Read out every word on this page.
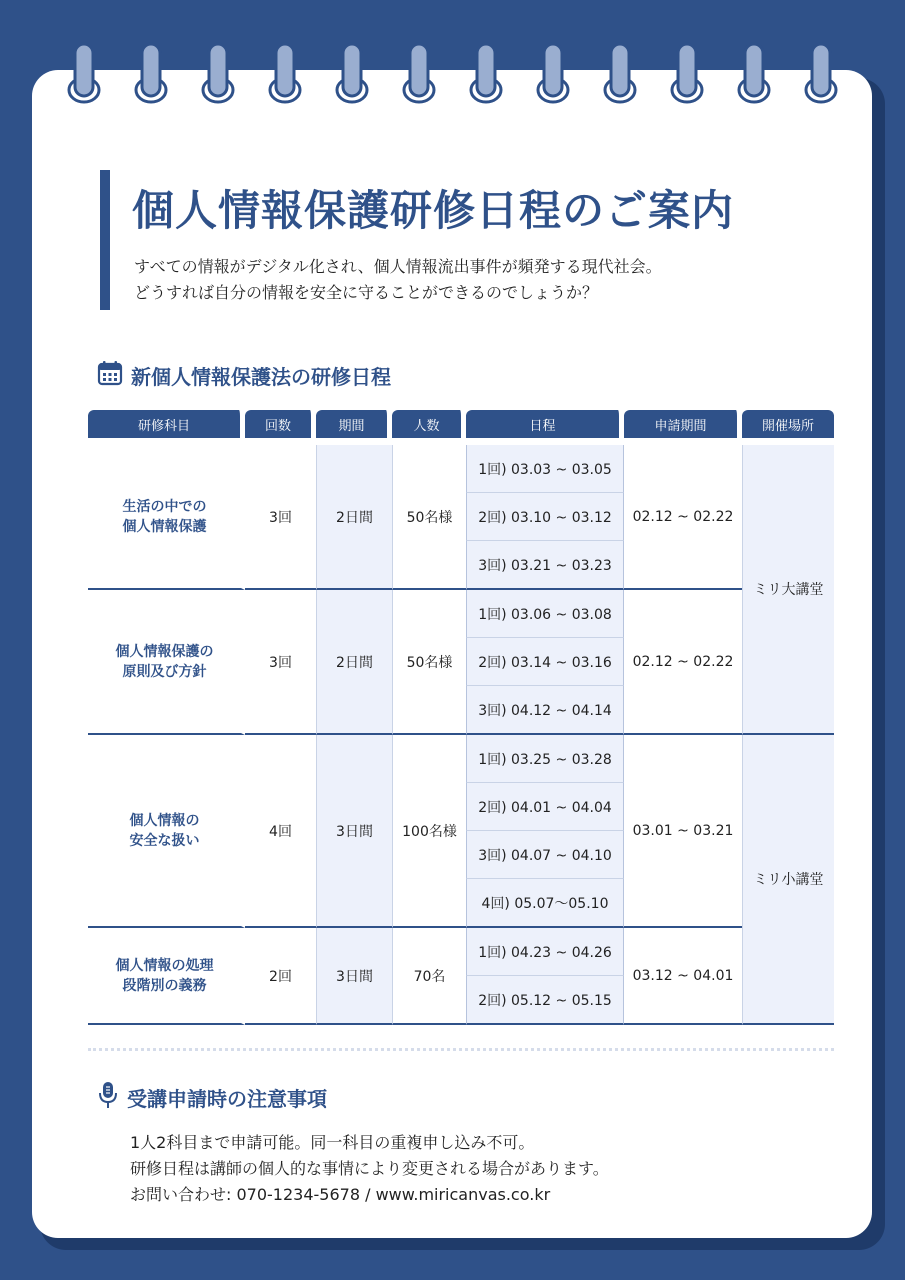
個人情報保護研修日程のご案内
すべての情報がデジタル化され、個人情報流出事件が頻発する現代社会。
どうすれば自分の情報を安全に守ることができるのでしょうか？
新個人情報保護法の研修日程
研修科目	回数	期間	人数	日程	申請期間	開催場所

生活の中での
個人情報保護	3回	2日間	50名様	1回) 03.03 ~ 03.05	02.12 ~ 02.22	ミリ大講堂
				2回) 03.10 ~ 03.12		
				3回) 03.21 ~ 03.23		

個人情報保護の
原則及び方針	3回	2日間	50名様	1回) 03.06 ~ 03.08	02.12 ~ 02.22	
				2回) 03.14 ~ 03.16		
				3回) 04.12 ~ 04.14		

個人情報の
安全な扱い	4回	3日間	100名様	1回) 03.25 ~ 03.28	03.01 ~ 03.21	ミリ小講堂
				2回) 04.01 ~ 04.04		
				3回) 04.07 ~ 04.10		
				4回) 05.07〜05.10		

個人情報の処理
段階別の義務	2回	3日間	70名	1回) 04.23 ~ 04.26	03.12 ~ 04.01	
				2回) 05.12 ~ 05.15		
受講申請時の注意事項
1人2科目まで申請可能。同一科目の重複申し込み不可。
研修日程は講師の個人的な事情により変更される場合があります。
お問い合わせ: 070-1234-5678 / www.miricanvas.co.kr
